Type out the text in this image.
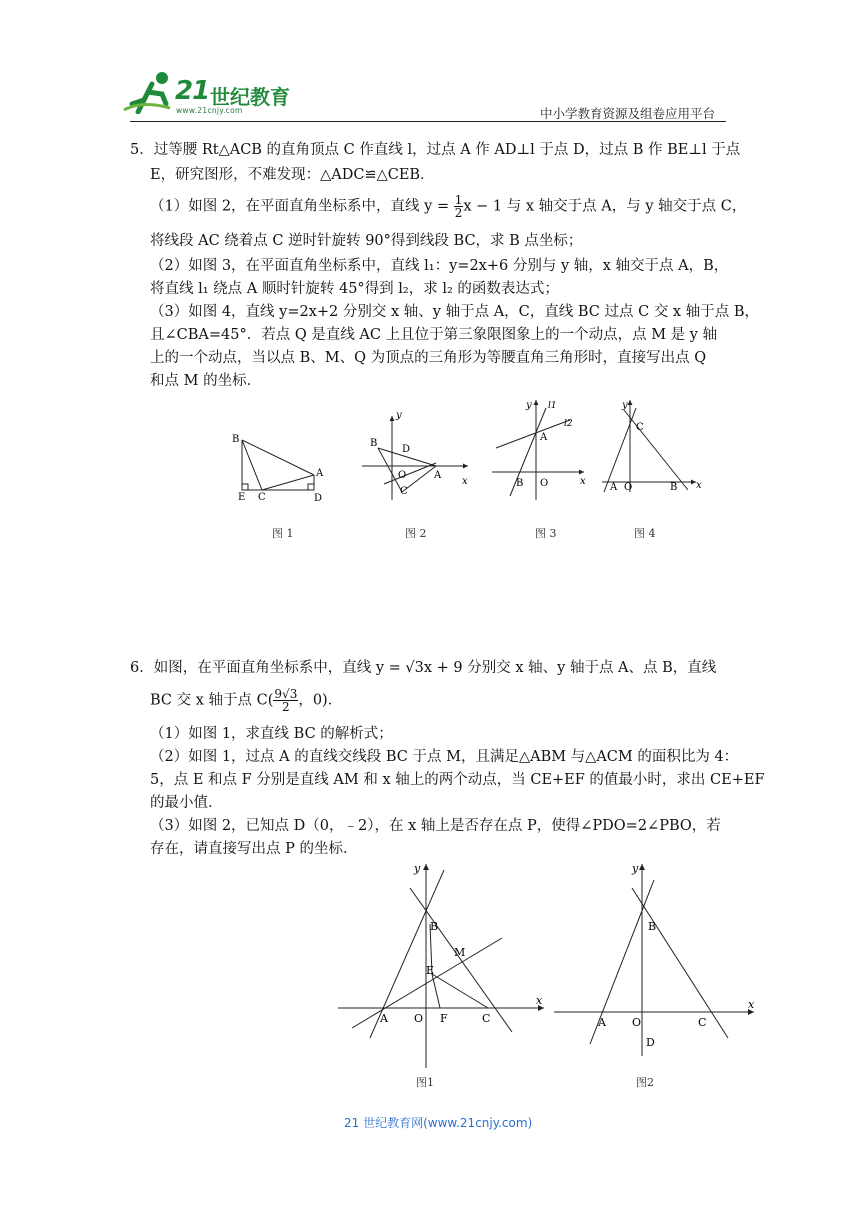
21 世纪教育
www.21cnjy.com	中小学教育资源及组卷应用平台
5．过等腰 Rt△ACB 的直角顶点 C 作直线 l，过点 A 作 AD⊥l 于点 D，过点 B 作 BE⊥l 于点
E，研究图形，不难发现：△ADC≌△CEB．
（1）如图 2，在平面直角坐标系中，直线 $y = \frac{1}{2}$ x − 1 与 x 轴交于点 A，与 y 轴交于点 C，
将线段 AC 绕着点 C 逆时针旋转 90°得到线段 BC，求 B 点坐标；
（2）如图 3，在平面直角坐标系中，直线 l₁：y=2x+6 分别与 y 轴，x 轴交于点 A，B，
将直线 l₁ 绕点 A 顺时针旋转 45°得到 l₂，求 l₂ 的函数表达式；
（3）如图 4，直线 y=2x+2 分别交 x 轴、y 轴于点 A，C，直线 BC 过点 C 交 x 轴于点 B，
且∠CBA=45°．若点 Q 是直线 AC 上且位于第三象限图象上的一个动点，点 M 是 y 轴
上的一个动点，当以点 B、M、Q 为顶点的三角形为等腰直角三角形时，直接写出点 Q
和点 M 的坐标．
B
A
E C	D
图 1
y
B
D
O	A
C
x
图 2
y l1
l2
A
B O	x
图 3
y
C
A O	B x
图 4
6．如图，在平面直角坐标系中，直线 y = √3x + 9 分别交 x 轴、y 轴于点 A、点 B，直线
BC 交 x 轴于点 $C( \frac{9√3}{2}$ ，0)．
（1）如图 1，求直线 BC 的解析式；
（2）如图 1，过点 A 的直线交线段 BC 于点 M，且满足△ABM 与△ACM 的面积比为 4：
5，点 E 和点 F 分别是直线 AM 和 x 轴上的两个动点，当 CE+EF 的值最小时，求出 CE+EF
的最小值．
（3）如图 2，已知点 D（0，﹣2），在 x 轴上是否存在点 P，使得∠PDO=2∠PBO，若
存在，请直接写出点 P 的坐标．
y
B
M
E
x
A O F	C
图1
y
B
x
A O	C
D
图2
21 世纪教育网(www.21cnjy.com)
